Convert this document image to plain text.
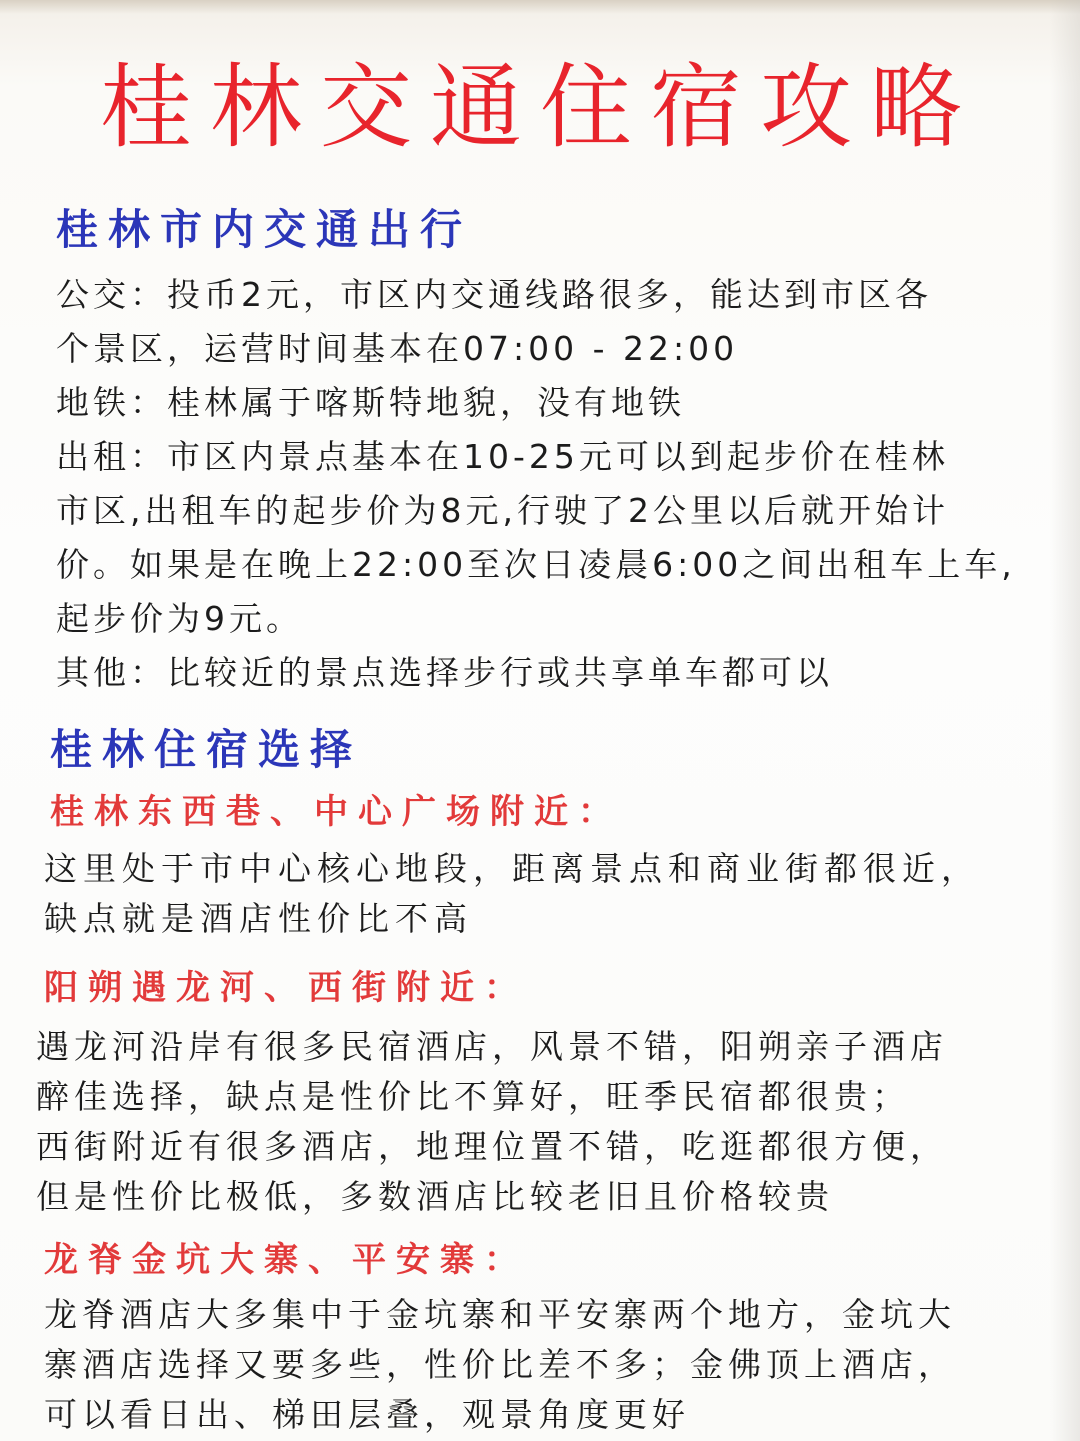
桂林交通住宿攻略
桂林市内交通出行
公交：投币2元，市区内交通线路很多，能达到市区各
个景区，运营时间基本在07:00 - 22:00
地铁：桂林属于喀斯特地貌，没有地铁
出租：市区内景点基本在10-25元可以到起步价在桂林
市区,出租车的起步价为8元,行驶了2公里以后就开始计
价。如果是在晚上22:00至次日凌晨6:00之间出租车上车,
起步价为9元。
其他：比较近的景点选择步行或共享单车都可以
桂林住宿选择
桂林东西巷、中心广场附近：
这里处于市中心核心地段，距离景点和商业街都很近，
缺点就是酒店性价比不高
阳朔遇龙河、西街附近：
遇龙河沿岸有很多民宿酒店，风景不错，阳朔亲子酒店
醉佳选择，缺点是性价比不算好，旺季民宿都很贵；
西街附近有很多酒店，地理位置不错，吃逛都很方便，
但是性价比极低，多数酒店比较老旧且价格较贵
龙脊金坑大寨、平安寨：
龙脊酒店大多集中于金坑寨和平安寨两个地方，金坑大
寨酒店选择又要多些，性价比差不多；金佛顶上酒店，
可以看日出、梯田层叠，观景角度更好
